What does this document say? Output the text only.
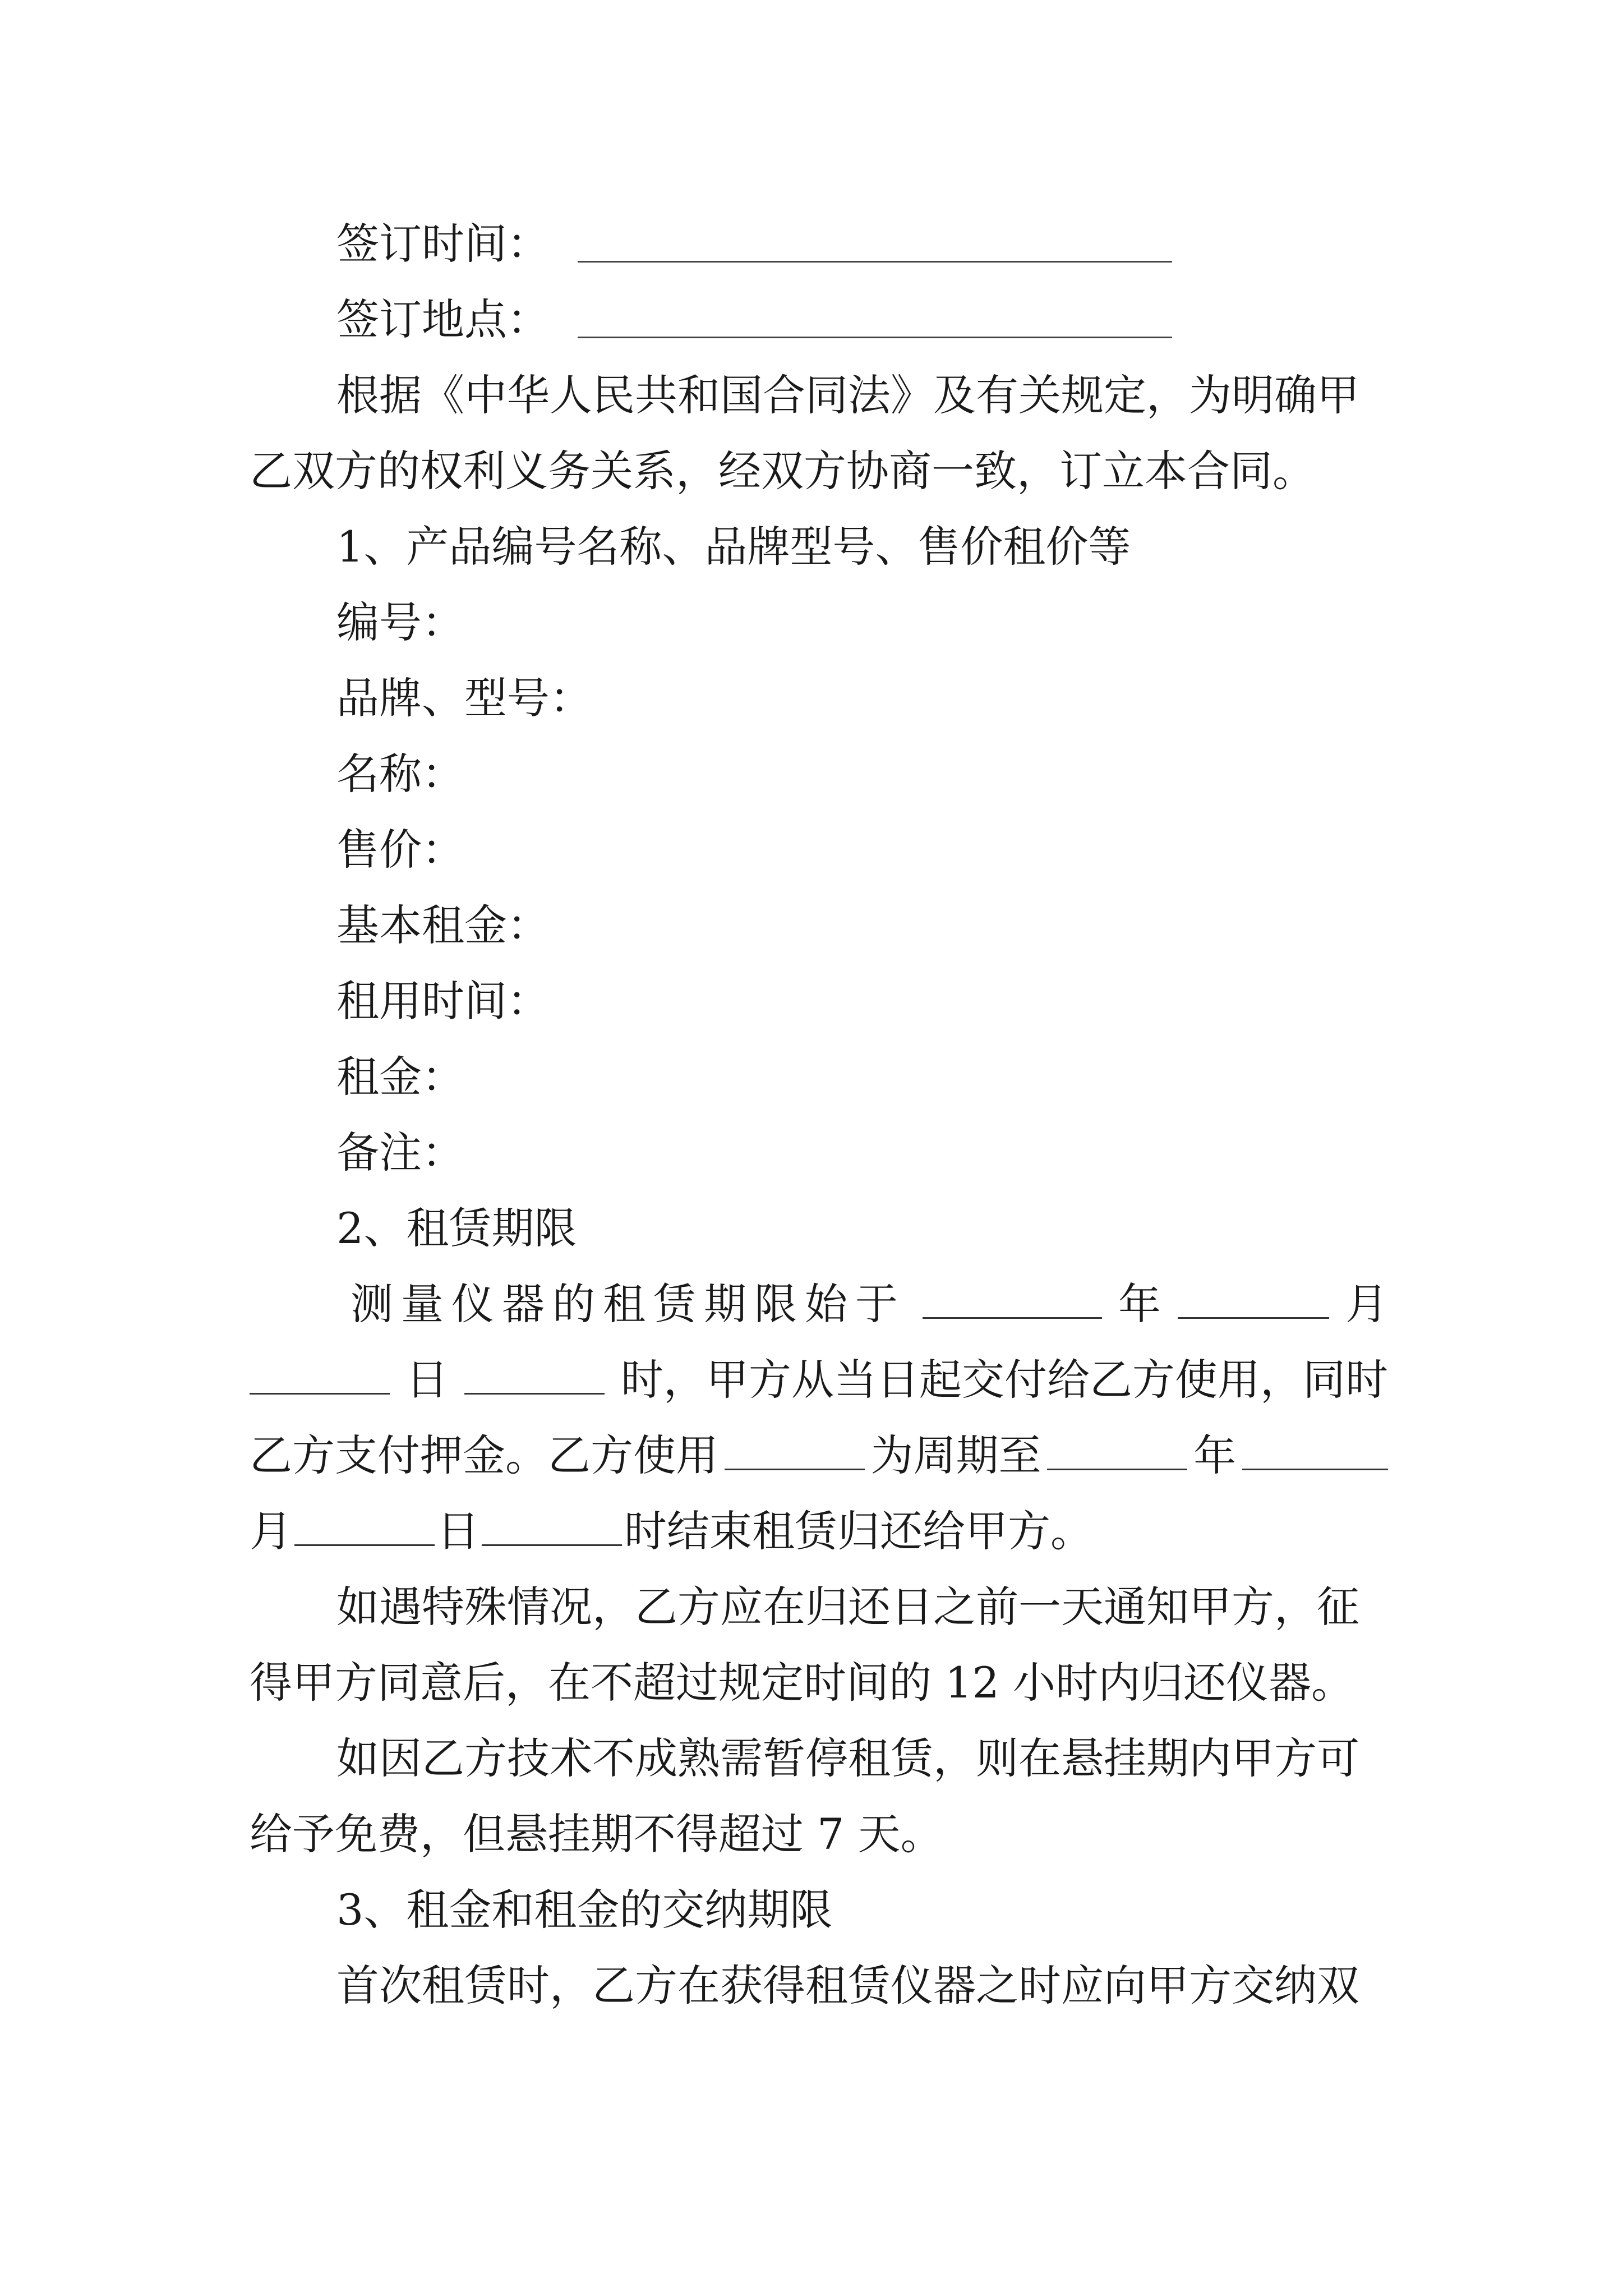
签订时间：
签订地点：
根据《中华人民共和国合同法》及有关规定，为明确甲
乙双方的权利义务关系，经双方协商一致，订立本合同。
1、产品编号名称、品牌型号、售价租价等
编号：
品牌、型号：
名称：
售价：
基本租金：
租用时间：
租金：
备注：
2、租赁期限
测量仪器的租赁期限始于	年	月
日	时，甲方从当日起交付给乙方使用，同时
乙方支付押金。乙方使用	为周期至	年
月	日	时结束租赁归还给甲方。
如遇特殊情况，乙方应在归还日之前一天通知甲方，征
得甲方同意后，在不超过规定时间的 12 小时内归还仪器。
如因乙方技术不成熟需暂停租赁，则在悬挂期内甲方可
给予免费，但悬挂期不得超过 7 天。
3、租金和租金的交纳期限
首次租赁时，乙方在获得租赁仪器之时应向甲方交纳双
